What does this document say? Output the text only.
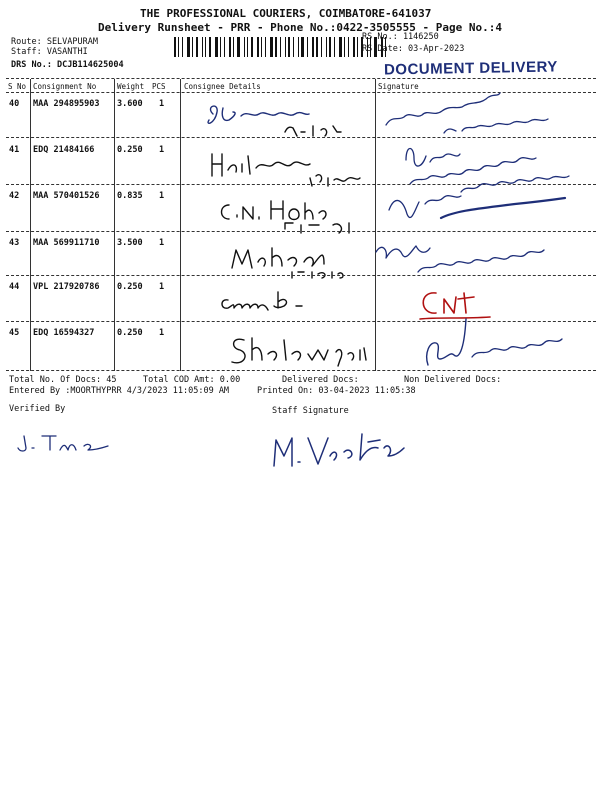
THE PROFESSIONAL COURIERS, COIMBATORE-641037
Delivery Runsheet - PRR - Phone No.:0422-3505555 - Page No.:4
Route: SELVAPURAM
Staff: VASANTHI
DRS No.: DCJB114625004
RS No.: 1146250
RS Date: 03-Apr-2023
DOCUMENT DELIVERY
S No Consignment No	Weight PCS Consignee Details	Signature
40 MAA 294895903 3.600 1
41 EDQ 21484166	0.250 1
42 MAA 570401526 0.835 1
43 MAA 569911710 3.500 1
44 VPL 217920786 0.250 1
45 EDQ 16594327	0.250 1
Total No. Of Docs: 45	Total COD Amt: 0.00	Delivered Docs:	Non Delivered Docs:
Entered By :MOORTHYPRR 4/3/2023 11:05:09 AM	Printed On: 03-04-2023 11:05:38
Verified By	Staff Signature
